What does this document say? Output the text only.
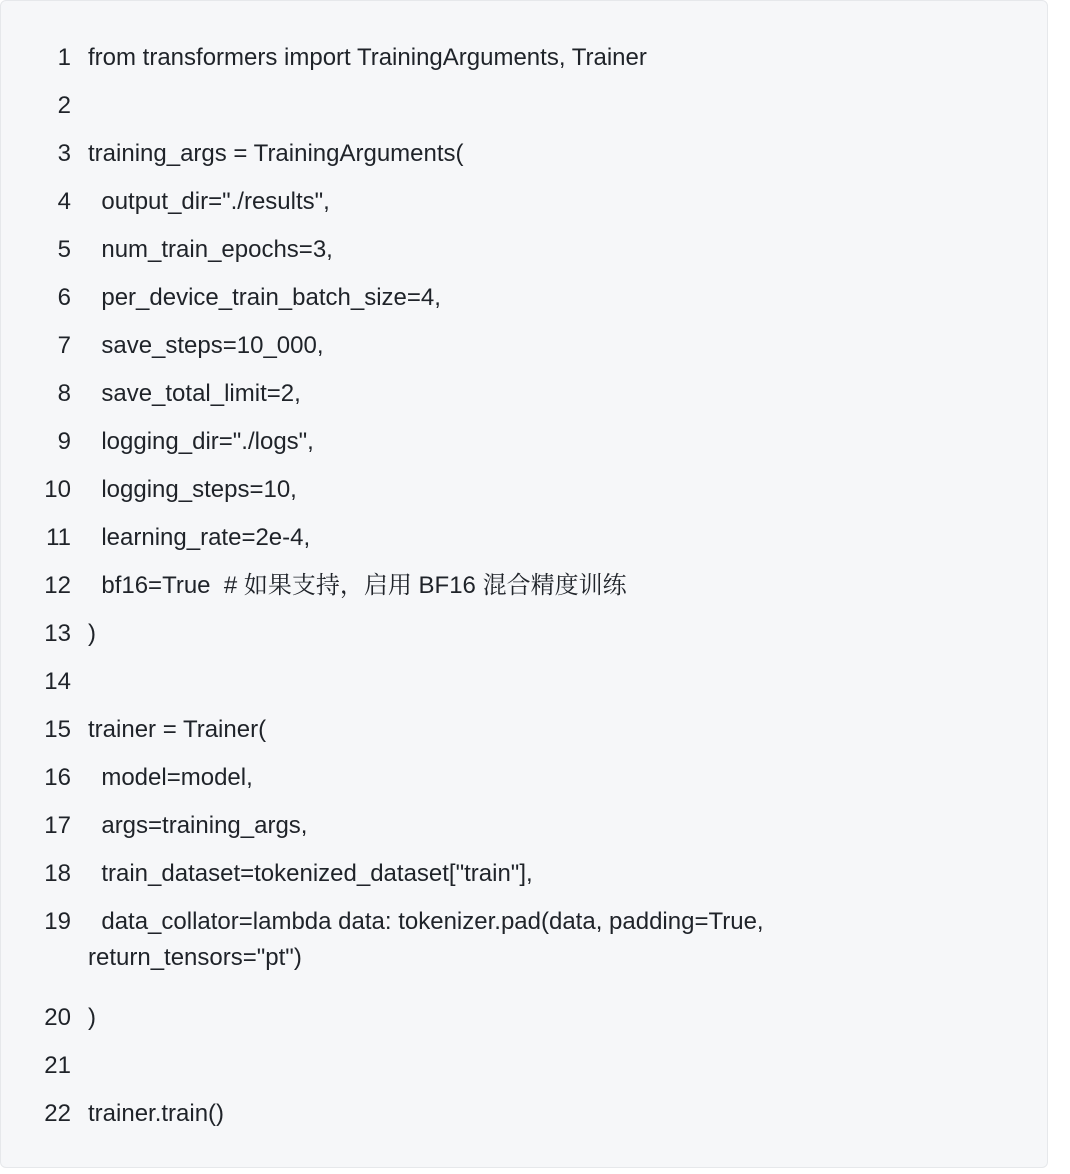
1 from transformers import TrainingArguments, Trainer
2
3 training_args = TrainingArguments(
4 output_dir="./results",
5 num_train_epochs=3,
6 per_device_train_batch_size=4,
7 save_steps=10_000,
8 save_total_limit=2,
9 logging_dir="./logs",
10 logging_steps=10,
11 learning_rate=2e-4,
12 bf16=True  # 如果支持，启用 BF16 混合精度训练
13 )
14
15 trainer = Trainer(
16 model=model,
17 args=training_args,
18 train_dataset=tokenized_dataset["train"],
19	data_collator=lambda data: tokenizer.pad(data, padding=True,
return_tensors="pt")
20 )
21
22 trainer.train()
